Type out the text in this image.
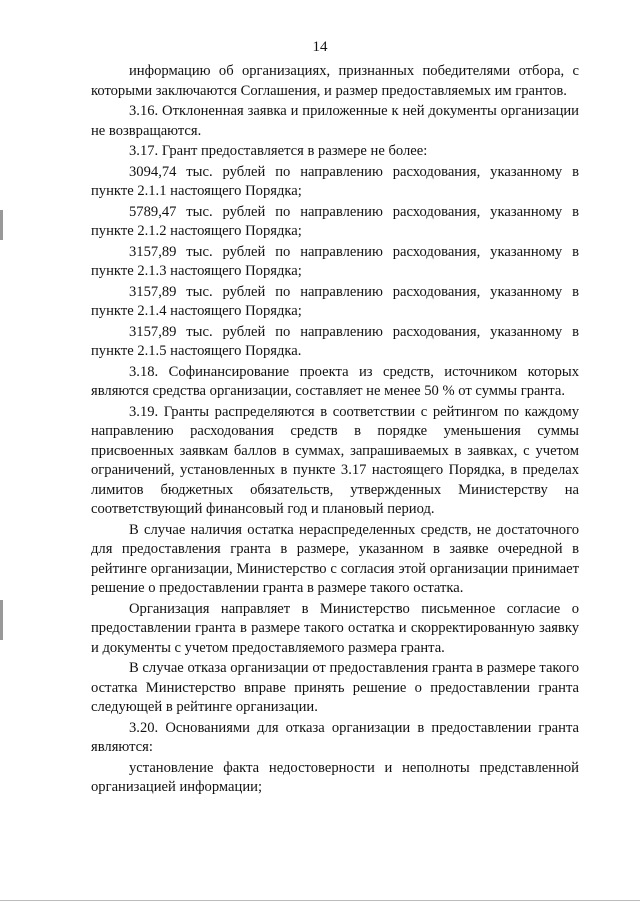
14

информацию об организациях, признанных победителями отбора, с которыми заключаются Соглашения, и размер предоставляемых им грантов.

3.16. Отклоненная заявка и приложенные к ней документы организации не возвращаются.

3.17. Грант предоставляется в размере не более:

3094,74 тыс. рублей по направлению расходования, указанному в пункте 2.1.1 настоящего Порядка;

5789,47 тыс. рублей по направлению расходования, указанному в пункте 2.1.2 настоящего Порядка;

3157,89 тыс. рублей по направлению расходования, указанному в пункте 2.1.3 настоящего Порядка;

3157,89 тыс. рублей по направлению расходования, указанному в пункте 2.1.4 настоящего Порядка;

3157,89 тыс. рублей по направлению расходования, указанному в пункте 2.1.5 настоящего Порядка.

3.18. Софинансирование проекта из средств, источником которых являются средства организации, составляет не менее 50 % от суммы гранта.

3.19. Гранты распределяются в соответствии с рейтингом по каждому направлению расходования средств в порядке уменьшения суммы присвоенных заявкам баллов в суммах, запрашиваемых в заявках, с учетом ограничений, установленных в пункте 3.17 настоящего Порядка, в пределах лимитов бюджетных обязательств, утвержденных Министерству на соответствующий финансовый год и плановый период.

В случае наличия остатка нераспределенных средств, не достаточного для предоставления гранта в размере, указанном в заявке очередной в рейтинге организации, Министерство с согласия этой организации принимает решение о предоставлении гранта в размере такого остатка.

Организация направляет в Министерство письменное согласие о предоставлении гранта в размере такого остатка и скорректированную заявку и документы с учетом предоставляемого размера гранта.

В случае отказа организации от предоставления гранта в размере такого остатка Министерство вправе принять решение о предоставлении гранта следующей в рейтинге организации.

3.20. Основаниями для отказа организации в предоставлении гранта являются:

установление факта недостоверности и неполноты представленной организацией информации;
